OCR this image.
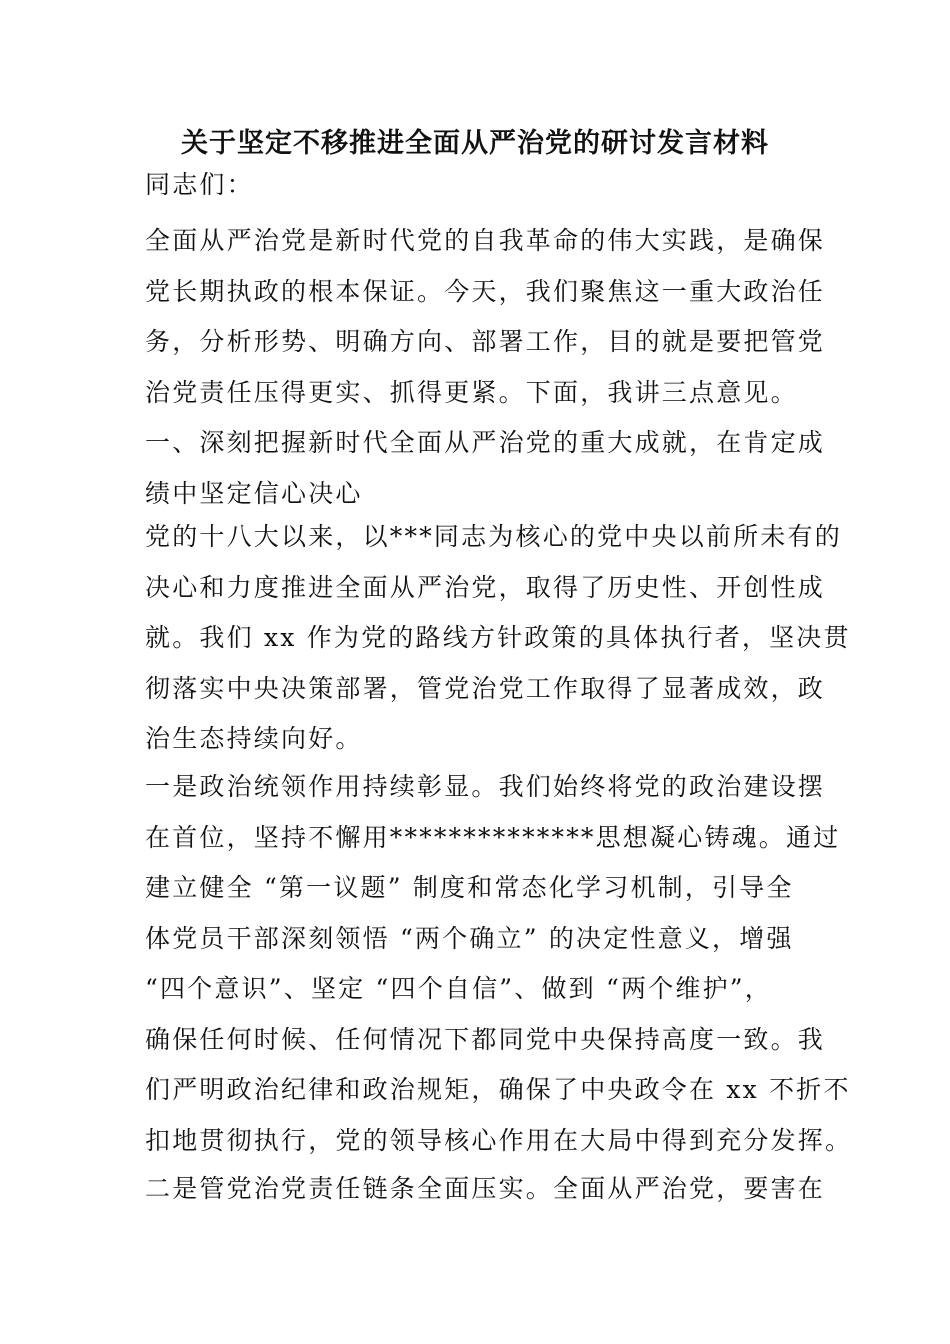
关于坚定不移推进全面从严治党的研讨发言材料

同志们：

全面从严治党是新时代党的自我革命的伟大实践，是确保
党长期执政的根本保证。今天，我们聚焦这一重大政治任
务，分析形势、明确方向、部署工作，目的就是要把管党
治党责任压得更实、抓得更紧。下面，我讲三点意见。

一、深刻把握新时代全面从严治党的重大成就，在肯定成
绩中坚定信心决心

党的十八大以来，以***同志为核心的党中央以前所未有的
决心和力度推进全面从严治党，取得了历史性、开创性成
就。我们 xx 作为党的路线方针政策的具体执行者，坚决贯
彻落实中央决策部署，管党治党工作取得了显著成效，政
治生态持续向好。

一是政治统领作用持续彰显。我们始终将党的政治建设摆
在首位，坚持不懈用**************思想凝心铸魂。通过
建立健全 “第一议题” 制度和常态化学习机制，引导全
体党员干部深刻领悟 “两个确立” 的决定性意义，增强
“四个意识”、坚定 “四个自信”、做到 “两个维护”，
确保任何时候、任何情况下都同党中央保持高度一致。我
们严明政治纪律和政治规矩，确保了中央政令在 xx 不折不
扣地贯彻执行，党的领导核心作用在大局中得到充分发挥。

二是管党治党责任链条全面压实。全面从严治党，要害在
